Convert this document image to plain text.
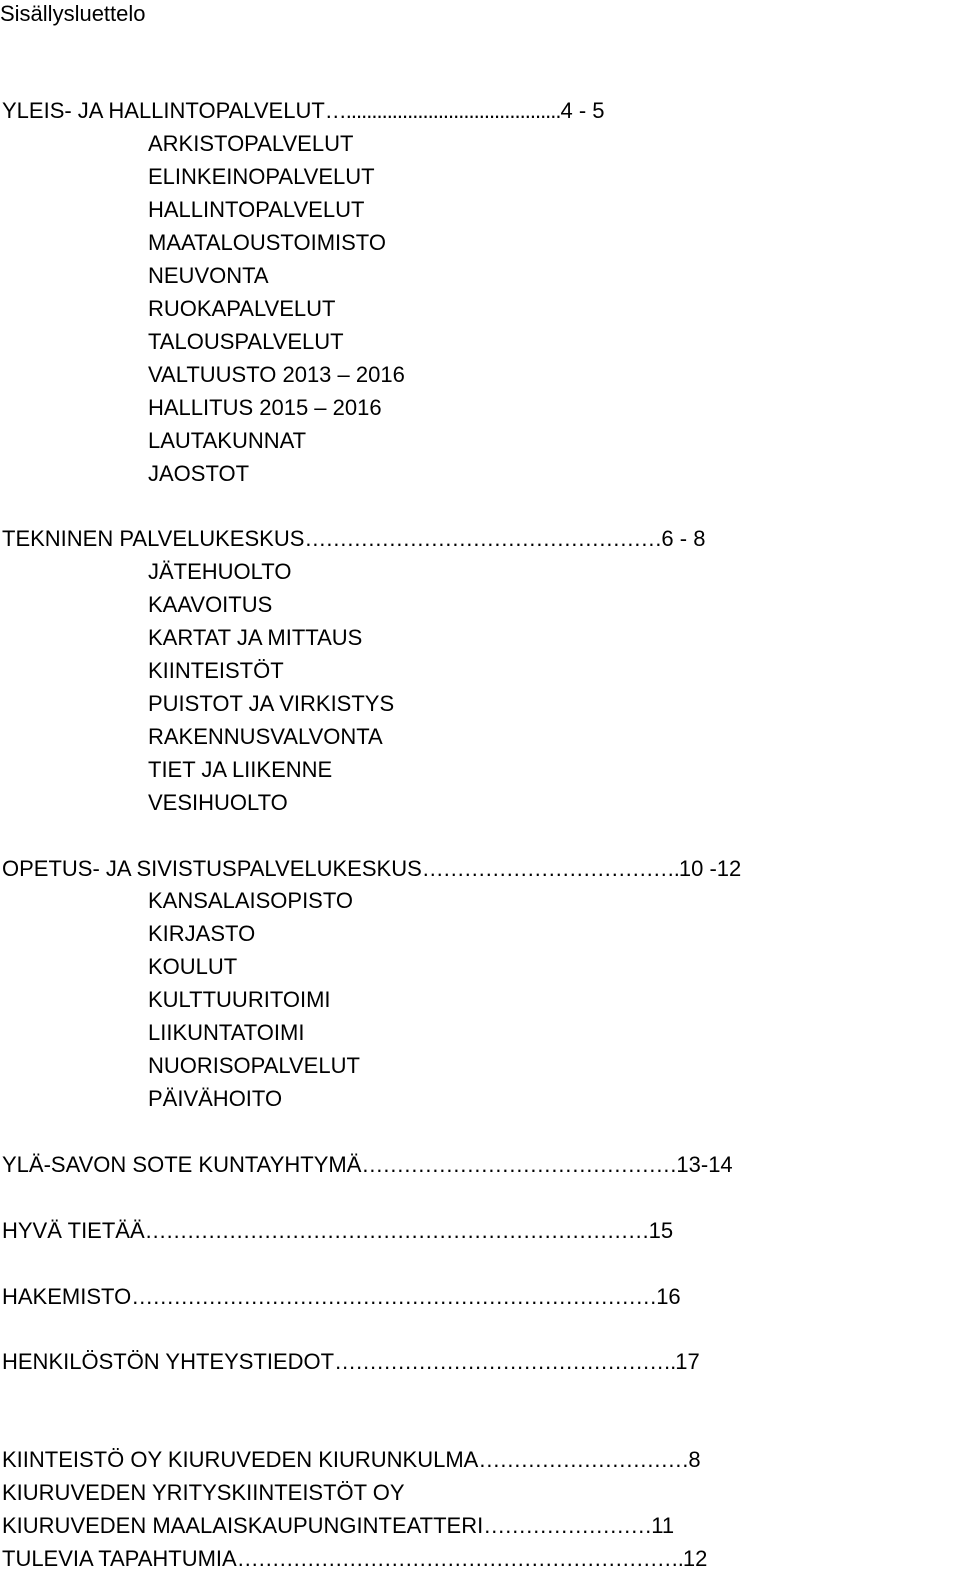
Sisällysluettelo
YLEIS- JA HALLINTOPALVELUT…..........................................4 - 5
ARKISTOPALVELUT
ELINKEINOPALVELUT
HALLINTOPALVELUT
MAATALOUSTOIMISTO
NEUVONTA
RUOKAPALVELUT
TALOUSPALVELUT
VALTUUSTO 2013 – 2016
HALLITUS 2015 – 2016
LAUTAKUNNAT
JAOSTOT
TEKNINEN PALVELUKESKUS……………………………………………6 - 8
JÄTEHUOLTO
KAAVOITUS
KARTAT JA MITTAUS
KIINTEISTÖT
PUISTOT JA VIRKISTYS
RAKENNUSVALVONTA
TIET JA LIIKENNE
VESIHUOLTO
OPETUS- JA SIVISTUSPALVELUKESKUS……………………………….10 -12
KANSALAISOPISTO
KIRJASTO
KOULUT
KULTTUURITOIMI
LIIKUNTATOIMI
NUORISOPALVELUT
PÄIVÄHOITO
YLÄ-SAVON SOTE KUNTAYHTYMÄ………………………………………13-14
HYVÄ TIETÄÄ………………………………………………………………15
HAKEMISTO…………………………………………………………………16
HENKILÖSTÖN YHTEYSTIEDOT………………………………………….17
KIINTEISTÖ OY KIURUVEDEN KIURUNKULMA…………………………8
KIURUVEDEN YRITYSKIINTEISTÖT OY
KIURUVEDEN MAALAISKAUPUNGINTEATTERI……………………11
TULEVIA TAPAHTUMIA……………………………………………………….12
